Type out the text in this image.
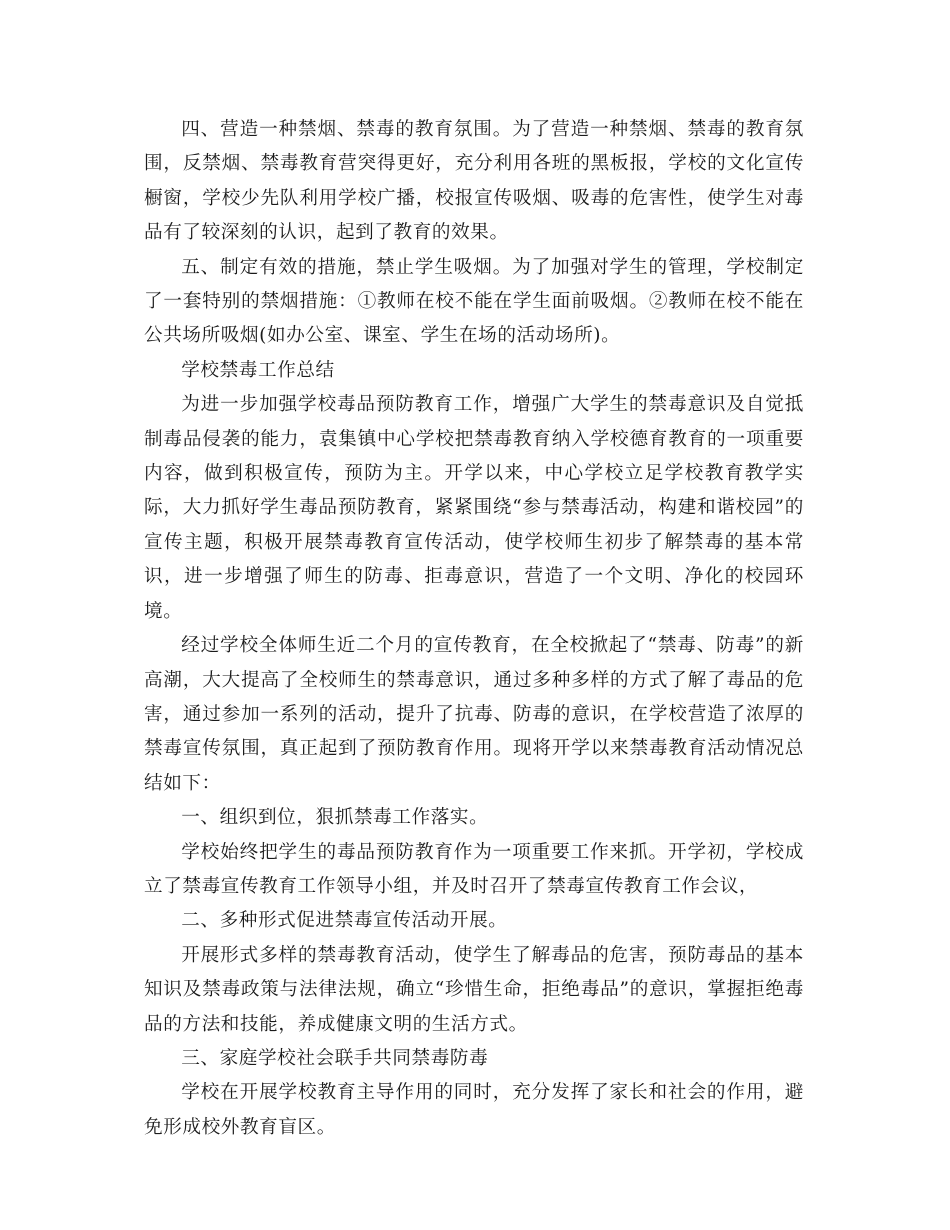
四、营造一种禁烟、禁毒的教育氛围。为了营造一种禁烟、禁毒的教育氛围，反禁烟、禁毒教育营突得更好，充分利用各班的黑板报，学校的文化宣传橱窗，学校少先队利用学校广播，校报宣传吸烟、吸毒的危害性，使学生对毒品有了较深刻的认识，起到了教育的效果。

五、制定有效的措施，禁止学生吸烟。为了加强对学生的管理，学校制定了一套特别的禁烟措施：①教师在校不能在学生面前吸烟。②教师在校不能在公共场所吸烟(如办公室、课室、学生在场的活动场所)。

学校禁毒工作总结

为进一步加强学校毒品预防教育工作，增强广大学生的禁毒意识及自觉抵制毒品侵袭的能力，袁集镇中心学校把禁毒教育纳入学校德育教育的一项重要内容，做到积极宣传，预防为主。开学以来，中心学校立足学校教育教学实际，大力抓好学生毒品预防教育，紧紧围绕“参与禁毒活动，构建和谐校园”的宣传主题，积极开展禁毒教育宣传活动，使学校师生初步了解禁毒的基本常识，进一步增强了师生的防毒、拒毒意识，营造了一个文明、净化的校园环境。

经过学校全体师生近二个月的宣传教育，在全校掀起了“禁毒、防毒”的新高潮，大大提高了全校师生的禁毒意识，通过多种多样的方式了解了毒品的危害，通过参加一系列的活动，提升了抗毒、防毒的意识，在学校营造了浓厚的禁毒宣传氛围，真正起到了预防教育作用。现将开学以来禁毒教育活动情况总结如下：

一、组织到位，狠抓禁毒工作落实。

学校始终把学生的毒品预防教育作为一项重要工作来抓。开学初，学校成立了禁毒宣传教育工作领导小组，并及时召开了禁毒宣传教育工作会议，

二、多种形式促进禁毒宣传活动开展。

开展形式多样的禁毒教育活动，使学生了解毒品的危害，预防毒品的基本知识及禁毒政策与法律法规，确立“珍惜生命，拒绝毒品”的意识，掌握拒绝毒品的方法和技能，养成健康文明的生活方式。

三、家庭学校社会联手共同禁毒防毒

学校在开展学校教育主导作用的同时，充分发挥了家长和社会的作用，避免形成校外教育盲区。
